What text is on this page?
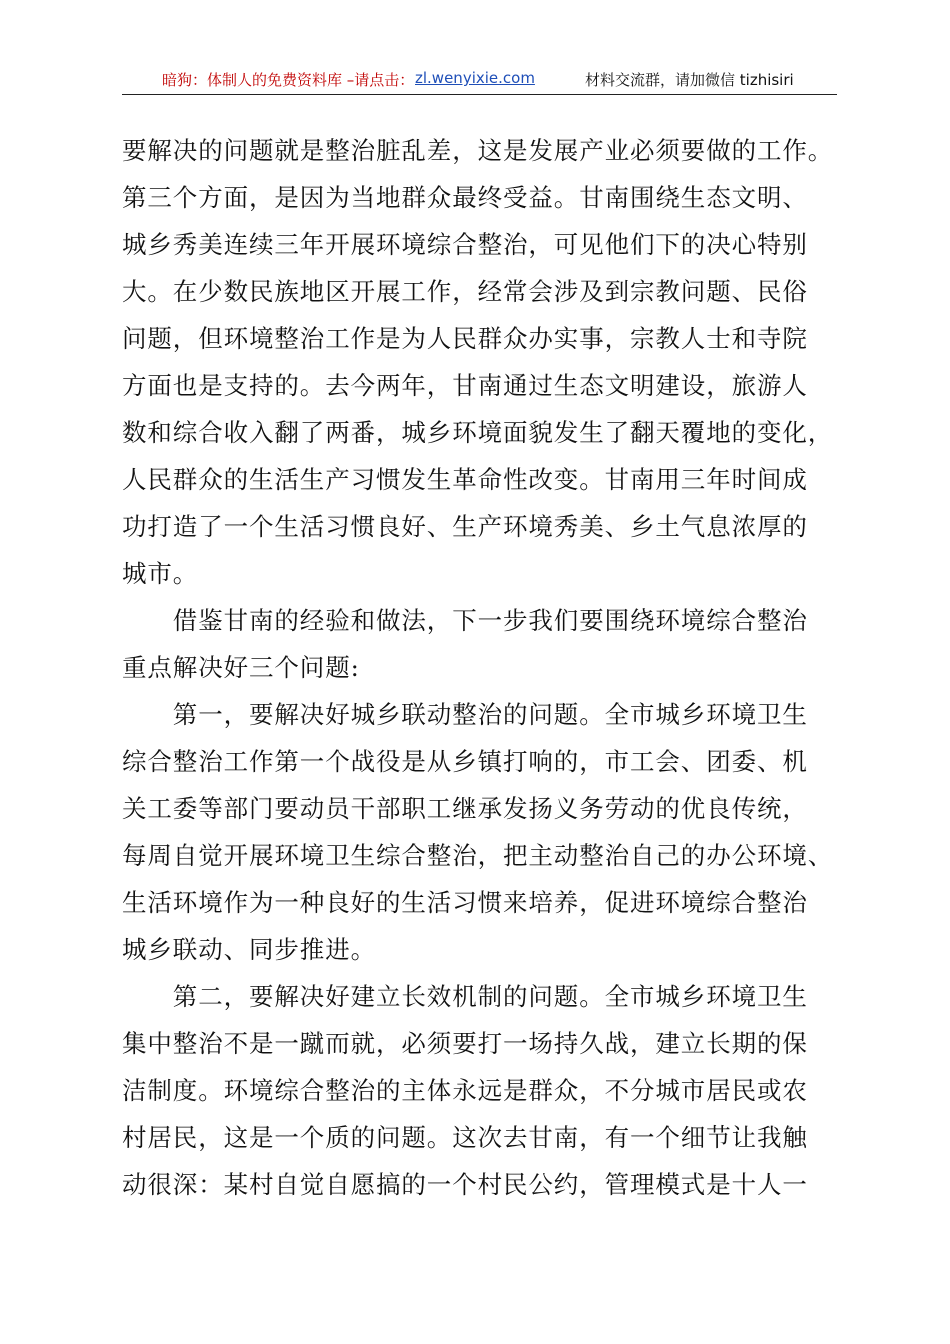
暗狗：体制人的免费资料库 –请点击： zl.wenyixie.com	材料交流群，请加微信 tizhisiri
要解决的问题就是整治脏乱差，这是发展产业必须要做的工作。
第三个方面，是因为当地群众最终受益。甘南围绕生态文明、
城乡秀美连续三年开展环境综合整治，可见他们下的决心特别
大。在少数民族地区开展工作，经常会涉及到宗教问题、民俗
问题，但环境整治工作是为人民群众办实事，宗教人士和寺院
方面也是支持的。去今两年，甘南通过生态文明建设，旅游人
数和综合收入翻了两番，城乡环境面貌发生了翻天覆地的变化，
人民群众的生活生产习惯发生革命性改变。甘南用三年时间成
功打造了一个生活习惯良好、生产环境秀美、乡土气息浓厚的
城市。
　　借鉴甘南的经验和做法，下一步我们要围绕环境综合整治
重点解决好三个问题:
　　第一，要解决好城乡联动整治的问题。全市城乡环境卫生
综合整治工作第一个战役是从乡镇打响的，市工会、团委、机
关工委等部门要动员干部职工继承发扬义务劳动的优良传统，
每周自觉开展环境卫生综合整治，把主动整治自己的办公环境、
生活环境作为一种良好的生活习惯来培养，促进环境综合整治
城乡联动、同步推进。
　　第二，要解决好建立长效机制的问题。全市城乡环境卫生
集中整治不是一蹴而就，必须要打一场持久战，建立长期的保
洁制度。环境综合整治的主体永远是群众，不分城市居民或农
村居民，这是一个质的问题。这次去甘南，有一个细节让我触
动很深：某村自觉自愿搞的一个村民公约，管理模式是十人一
